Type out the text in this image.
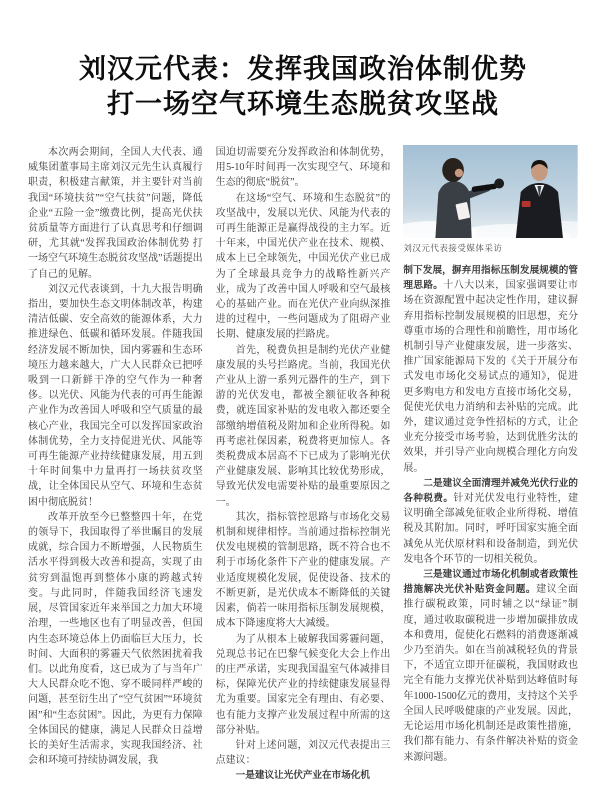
刘汉元代表：发挥我国政治体制优势
打一场空气环境生态脱贫攻坚战

本次两会期间，全国人大代表、通威集团董事局主席刘汉元先生认真履行职责，积极建言献策，并主要针对当前我国“环境扶贫”“空气扶贫”问题，降低企业“五险一金”缴费比例，提高光伏扶贫质量等方面进行了认真思考和仔细调研，尤其就“发挥我国政治体制优势 打一场空气环境生态脱贫攻坚战”话题提出了自己的见解。

刘汉元代表谈到，十九大报告明确指出，要加快生态文明体制改革，构建清洁低碳、安全高效的能源体系，大力推进绿色、低碳和循环发展。伴随我国经济发展不断加快，国内雾霾和生态环境压力越来越大，广大人民群众已把呼吸到一口新鲜干净的空气作为一种奢侈。以光伏、风能为代表的可再生能源产业作为改善国人呼吸和空气质量的最核心产业，我国完全可以发挥国家政治体制优势，全力支持促进光伏、风能等可再生能源产业持续健康发展，用五到十年时间集中力量再打一场扶贫攻坚战，让全体国民从空气、环境和生态贫困中彻底脱贫！

改革开放至今已整整四十年，在党的领导下，我国取得了举世瞩目的发展成就，综合国力不断增强，人民物质生活水平得到极大改善和提高，实现了由贫穷到温饱再到整体小康的跨越式转变。与此同时，伴随我国经济飞速发展，尽管国家近年来举国之力加大环境治理，一些地区也有了明显改善，但国内生态环境总体上仍面临巨大压力，长时间、大面积的雾霾天气依然困扰着我们。以此角度看，这已成为了与当年广大人民群众吃不饱、穿不暖同样严峻的问题，甚至衍生出了“空气贫困”“环境贫困”和“生态贫困”。因此，为更有力保障全体国民的健康，满足人民群众日益增长的美好生活需求，实现我国经济、社会和环境可持续协调发展，我

国迫切需要充分发挥政治和体制优势，用5-10年时间再一次实现空气、环境和生态的彻底“脱贫”。

在这场“空气、环境和生态脱贫”的攻坚战中，发展以光伏、风能为代表的可再生能源正是赢得战役的主力军。近十年来，中国光伏产业在技术、规模、成本上已全球领先，中国光伏产业已成为了全球最具竞争力的战略性新兴产业，成为了改善中国人呼吸和空气最核心的基础产业。而在光伏产业向纵深推进的过程中，一些问题成为了阻碍产业长期、健康发展的拦路虎。

首先，税费负担是制约光伏产业健康发展的头号拦路虎。当前，我国光伏产业从上游一系列元器件的生产，到下游的光伏发电，都被全额征收各种税费，就连国家补贴的发电收入都还要全部缴纳增值税及附加和企业所得税。如再考虑社保因素，税费将更加惊人。各类税费成本居高不下已成为了影响光伏产业健康发展、影响其比较优势形成，导致光伏发电需要补贴的最重要原因之一。

其次，指标管控思路与市场化交易机制和规律相悖。当前通过指标控制光伏发电规模的管制思路，既不符合也不利于市场化条件下产业的健康发展。产业适度规模化发展，促使设备、技术的不断更新，是光伏成本不断降低的关键因素，倘若一味用指标压制发展规模，成本下降速度将大大减缓。

为了从根本上破解我国雾霾问题，兑现总书记在巴黎气候变化大会上作出的庄严承诺，实现我国温室气体减排目标，保障光伏产业的持续健康发展显得尤为重要。国家完全有理由、有必要、也有能力支撑产业发展过程中所需的这部分补贴。

针对上述问题，刘汉元代表提出三点建议：

一是建议让光伏产业在市场化机

刘汉元代表接受媒体采访

制下发展，摒弃用指标压制发展规模的管理思路。十八大以来，国家强调要让市场在资源配置中起决定性作用，建议摒弃用指标控制发展规模的旧思想，充分尊重市场的合理性和前瞻性，用市场化机制引导产业健康发展，进一步落实、推广国家能源局下发的《关于开展分布式发电市场化交易试点的通知》，促进更多购电方和发电方直接市场化交易，促使光伏电力消纳和去补贴的完成。此外，建议通过竞争性招标的方式，让企业充分接受市场考验，达到优胜劣汰的效果，并引导产业向规模合理化方向发展。

二是建议全面清理并减免光伏行业的各种税费。针对光伏发电行业特性，建议明确全部减免征收企业所得税、增值税及其附加。同时，呼吁国家实施全面减免从光伏原材料和设备制造，到光伏发电各个环节的一切相关税负。

三是建议通过市场化机制或者政策性措施解决光伏补贴资金问题。建议全面推行碳税政策，同时辅之以“绿证”制度，通过收取碳税进一步增加碳排放成本和费用，促使化石燃料的消费逐渐减少乃至消失。如在当前减税轻负的背景下，不适宜立即开征碳税，我国财政也完全有能力支撑光伏补贴到达峰值时每年1000-1500亿元的费用，支持这个关乎全国人民呼吸健康的产业发展。因此，无论运用市场化机制还是政策性措施，我们都有能力、有条件解决补贴的资金来源问题。
